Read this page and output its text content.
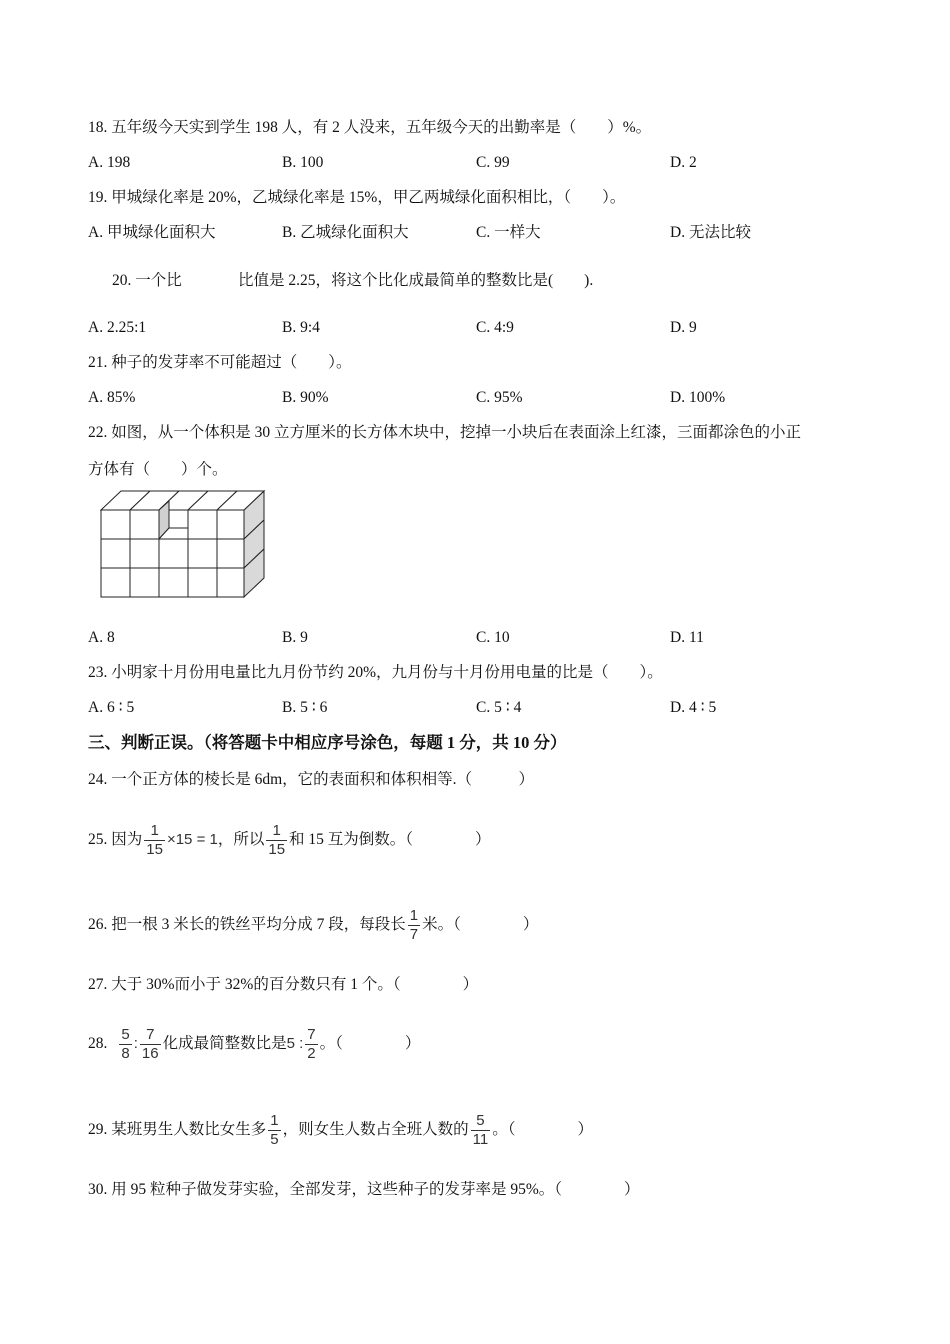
18. 五年级今天实到学生 198 人，有 2 人没来，五年级今天的出勤率是（　　）%。
A. 198	B. 100	C. 99	D. 2
19. 甲城绿化率是 20%，乙城绿化率是 15%，甲乙两城绿化面积相比，（　　）。
A. 甲城绿化面积大	B. 乙城绿化面积大	C. 一样大	D. 无法比较
20. 一个比	比值是 2.25，将这个比化成最简单的整数比是(　　).
A. 2.25:1	B. 9:4	C. 4:9	D. 9
21. 种子的发芽率不可能超过（　　）。
A. 85%	B. 90%	C. 95%	D. 100%
22. 如图，从一个体积是 30 立方厘米的长方体木块中，挖掉一小块后在表面涂上红漆，三面都涂色的小正
方体有（　　）个。
A. 8	B. 9	C. 10	D. 11
23. 小明家十月份用电量比九月份节约 20%，九月份与十月份用电量的比是（　　）。
A. 6 ∶ 5	B. 5 ∶ 6	C. 5 ∶ 4	D. 4 ∶ 5
三、判断正误。（将答题卡中相应序号涂色，每题 1 分，共 10 分）
24. 一个正方体的棱长是 6dm，它的表面积和体积相等.（　　　）
25. 因为 $\frac{1}{15} \times 15 = 1$ ，所以 $\frac{1}{15}$ 和 15 互为倒数。（　　　　）
26. 把一根 3 米长的铁丝平均分成 7 段，每段长 $\frac{1}{7}$ 米。（　　　　）
27. 大于 30%而小于 32%的百分数只有 1 个。（　　　　）
28. $\frac{5}{8}$ : $\frac{7}{16}$ 化成最简整数比是 5 : $\frac{7}{2}$ 。（　　　　）
29. 某班男生人数比女生多 $\frac{1}{5}$ ，则女生人数占全班人数的 $\frac{5}{11}$ 。（　　　　）
30. 用 95 粒种子做发芽实验，全部发芽，这些种子的发芽率是 95%。（　　　　）
